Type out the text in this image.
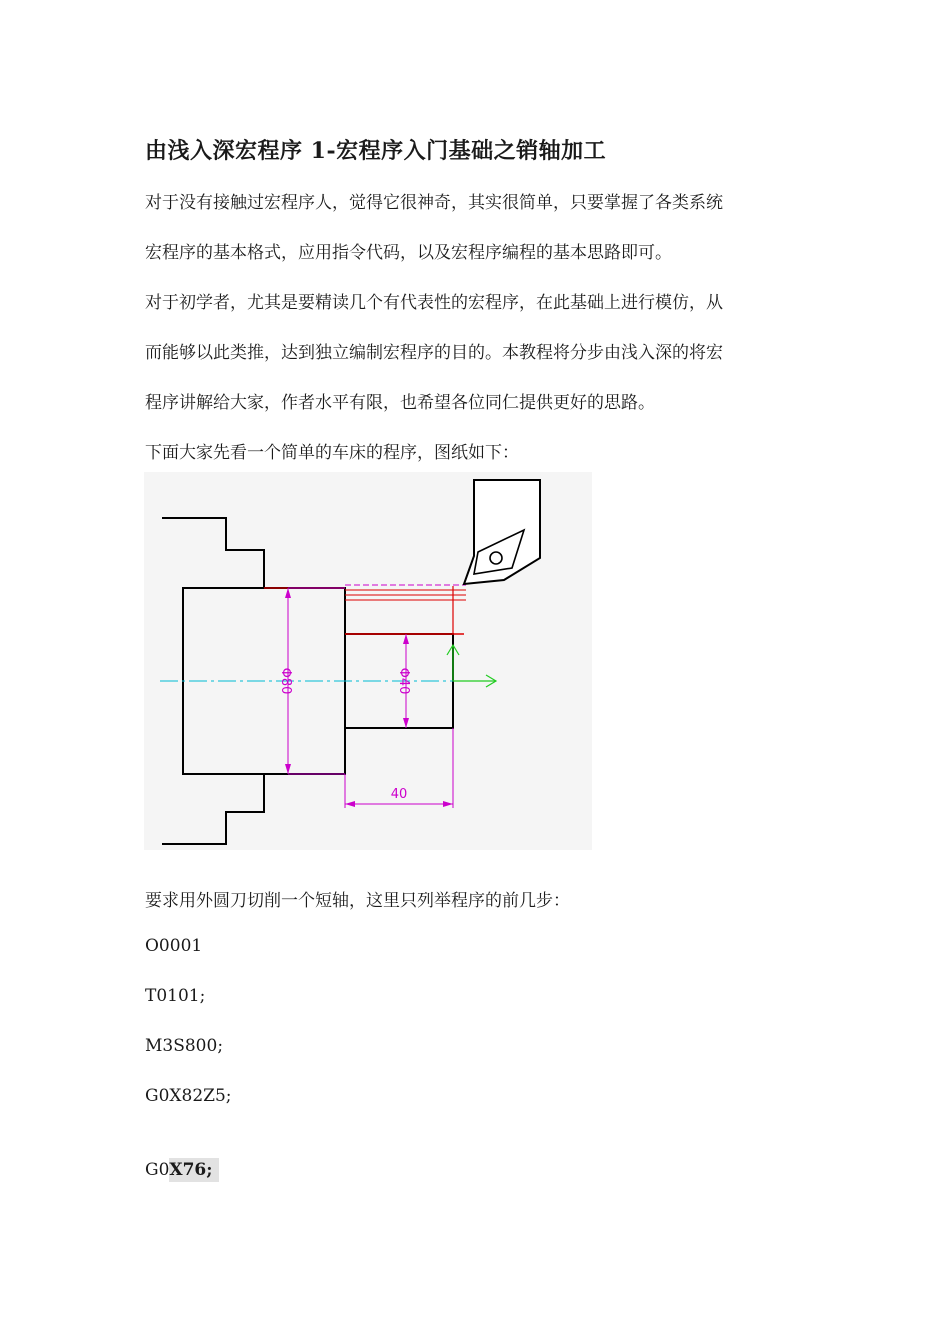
由浅入深宏程序 1-宏程序入门基础之销轴加工
对于没有接触过宏程序人，觉得它很神奇，其实很简单，只要掌握了各类系统
宏程序的基本格式，应用指令代码，以及宏程序编程的基本思路即可。
对于初学者，尤其是要精读几个有代表性的宏程序，在此基础上进行模仿，从
而能够以此类推，达到独立编制宏程序的目的。本教程将分步由浅入深的将宏
程序讲解给大家，作者水平有限，也希望各位同仁提供更好的思路。
下面大家先看一个简单的车床的程序，图纸如下：
Φ80	Φ40
40
要求用外圆刀切削一个短轴，这里只列举程序的前几步：
O0001
T0101;
M3S800;
G0X82Z5;
G0X76;
